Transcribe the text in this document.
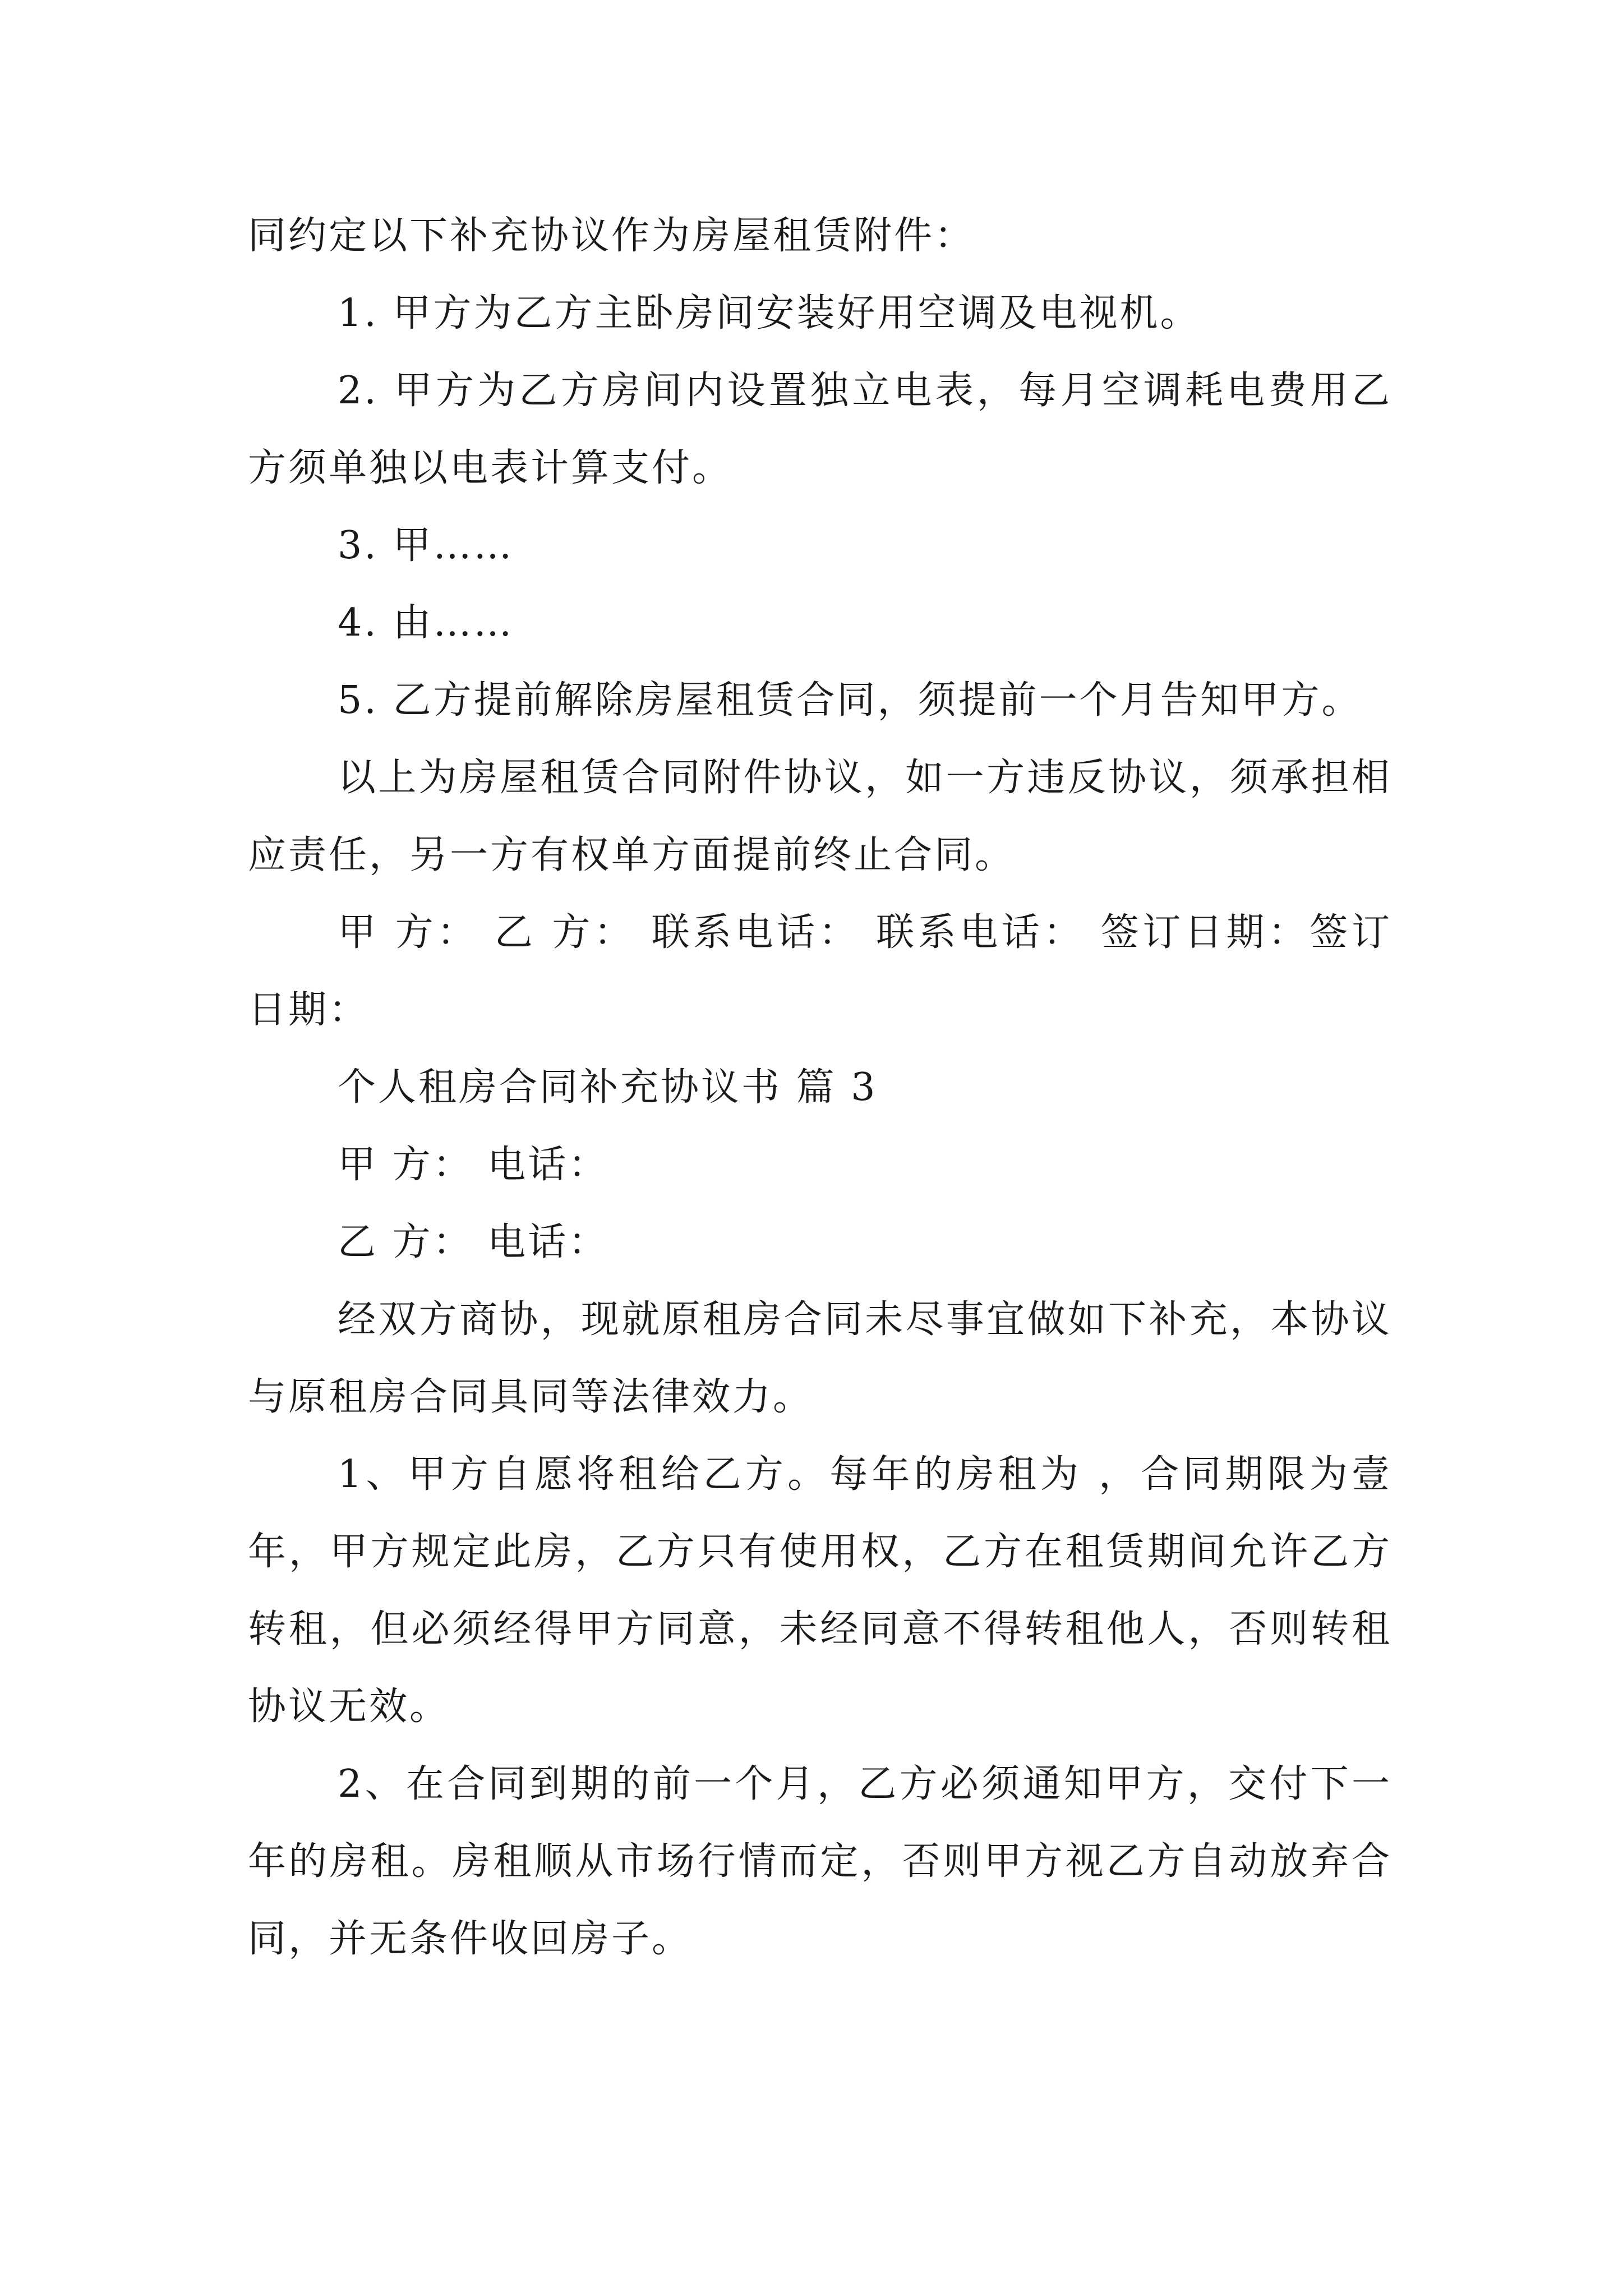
同约定以下补充协议作为房屋租赁附件：

1. 甲方为乙方主卧房间安装好用空调及电视机。

2. 甲方为乙方房间内设置独立电表，每月空调耗电费用乙方须单独以电表计算支付。

3. 甲……

4. 由……

5. 乙方提前解除房屋租赁合同，须提前一个月告知甲方。

以上为房屋租赁合同附件协议，如一方违反协议，须承担相应责任，另一方有权单方面提前终止合同。

甲 方： 乙 方： 联系电话： 联系电话： 签订日期：签订日期：

个人租房合同补充协议书 篇 3

甲 方： 电话：

乙 方： 电话：

经双方商协，现就原租房合同未尽事宜做如下补充，本协议与原租房合同具同等法律效力。

1、甲方自愿将租给乙方。每年的房租为 ，合同期限为壹年，甲方规定此房，乙方只有使用权，乙方在租赁期间允许乙方转租，但必须经得甲方同意，未经同意不得转租他人，否则转租协议无效。

2、在合同到期的前一个月，乙方必须通知甲方，交付下一年的房租。房租顺从市场行情而定，否则甲方视乙方自动放弃合同，并无条件收回房子。
